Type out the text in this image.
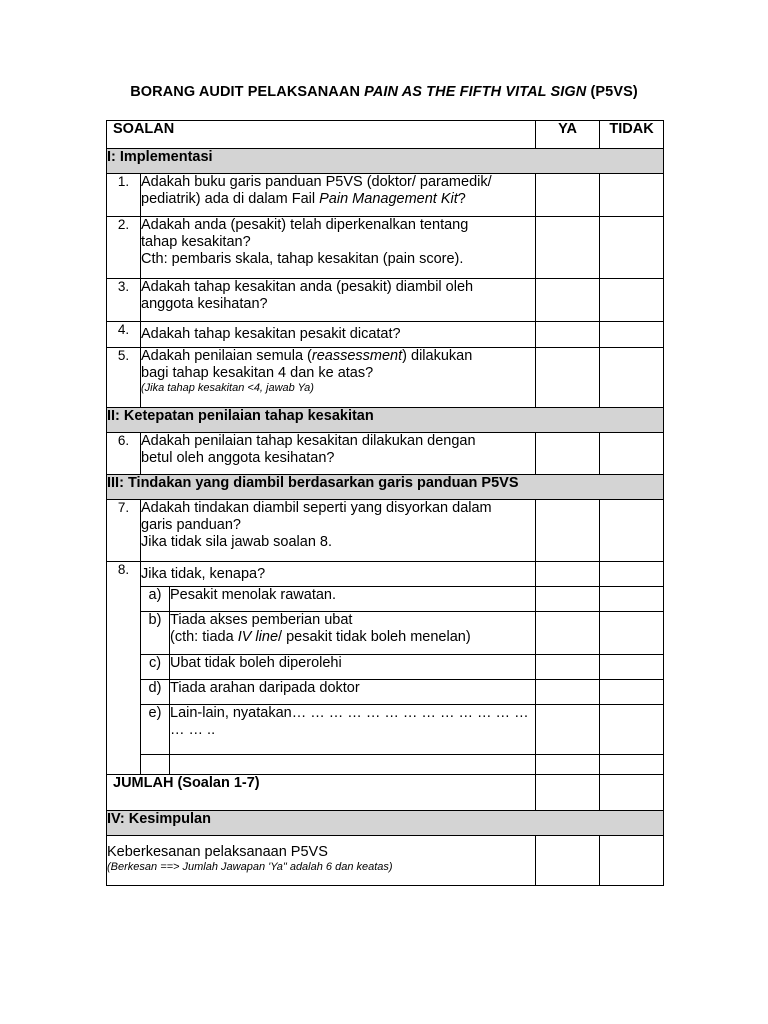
BORANG AUDIT PELAKSANAAN PAIN AS THE FIFTH VITAL SIGN (P5VS)
SOALAN			YA	TIDAK
I: Implementasi				
1.	Adakah buku garis panduan P5VS (doktor/ paramedik/
pediatrik) ada di dalam Fail Pain Management Kit?			

2.	Adakah anda (pesakit) telah diperkenalkan tentang
tahap kesakitan?
Cth: pembaris skala, tahap kesakitan (pain score).			

3.	Adakah tahap kesakitan anda (pesakit) diambil oleh
anggota kesihatan?			

4.	Adakah tahap kesakitan pesakit dicatat?			
5.	Adakah penilaian semula (reassessment) dilakukan
bagi tahap kesakitan 4 dan ke atas?
(Jika tahap kesakitan <4, jawab Ya)			

II: Ketepatan penilaian tahap kesakitan				
6.	Adakah penilaian tahap kesakitan dilakukan dengan
betul oleh anggota kesihatan?			

III: Tindakan yang diambil berdasarkan garis panduan P5VS				
7.	Adakah tindakan diambil seperti yang disyorkan dalam
garis panduan?
Jika tidak sila jawab soalan 8.			

8.	Jika tidak, kenapa?			
	a)	Pesakit menolak rawatan.		
	b)	Tiada akses pemberian ubat
(cth: tiada IV line/ pesakit tidak boleh menelan)		

	c)	Ubat tidak boleh diperolehi		
	d)	Tiada arahan daripada doktor		
	e)	Lain-lain, nyatakan… … … … … … … … … … … … … … … ..		

JUMLAH (Soalan 1-7)				
IV: Kesimpulan				

Keberkesanan pelaksanaan P5VS
(Berkesan ==> Jumlah Jawapan 'Ya" adalah 6 dan keatas)				
